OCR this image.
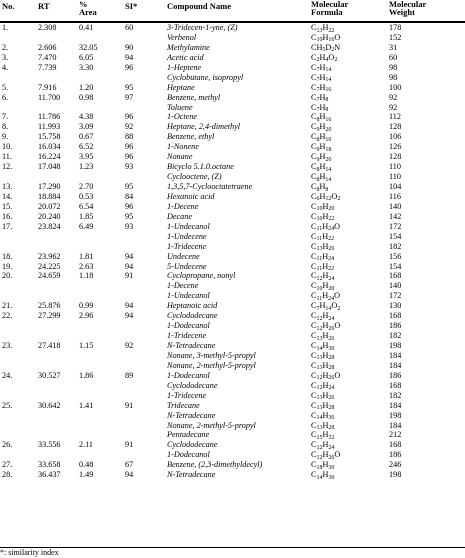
No.	RT	%
Area
SI*	Compound Name	Molecular
Formula
Molecular
Weight
1.	2.308	0.41	60	3-Tridecen-1-yne, (Z)	$C_{13}H_{22}$	178
Verbenol	$C_{10}H_{16}O$	152
2.	2.606	32.05	90	Methylamine	$CH_5D_2N$	31
3.	7.470	6.05	94	Acetic acid	$C_2H_4O_2$	60
4.	7.739	3.30	96	1-Heptene	$C_7H_{14}$	98
Cyclobutane, isopropyl	$C_7H_{14}$	98
5.	7.916	1.20	95	Heptane	$C_7H_{16}$	100
6.	11.700 0.98	97	Benzene, methyl	$C_7H_8$	92
Toluene	$C_7H_8$	92
7.	11.786 4.38	96	1-Octene	$C_8H_{16}$	112
8.	11.993 3.09	92	Heptane, 2,4-dimethyl	$C_9H_{20}$	128
9.	15.758 0.67	88	Benzene, ethyl	$C_8H_{10}$	106
10.	16.034 6.52	96	1-Nonene	$C_9H_{18}$	126
11.	16.224 3.95	96	Nonane	$C_9H_{20}$	128
12.	17.048 1.23	93	Bicyclo 5.1.0.octane	$C_8H_{14}$	110
Cyclooctene, (Z)	$C_8H_{14}$	110
13.	17.290 2.70	95	1,3,5,7-Cyclooctatetraene	$C_8H_8$	104
14.	18.884 0.53	84	Hexanoic acid	$C_6H_{12}O_2$	116
15.	20.072 6.54	96	1-Decene	$C_{10}H_{20}$	140
16.	20.240 1.85	95	Decane	$C_{10}H_{22}$	142
17.	23.824 6.49	93	1-Undecanol	$C_{11}H_{24}O$	172
1-Undecene	$C_{11}H_{22}$	154
1-Tridecene	$C_{13}H_{26}$	182
18.	23.962 1.81	94	Undecene	$C_{11}H_{24}$	156
19.	24.225 2.63	94	5-Undecene	$C_{11}H_{22}$	154
20.	24.659 1.18	91	Cyclopropane, nonyl	$C_{12}H_{24}$	168
1-Decene	$C_{10}H_{20}$	140
1-Undecanol	$C_{11}H_{24}O$	172
21.	25.876 0.99	94	Heptanoic acid	$C_7H_{14}O_2$	130
22.	27.299 2.96	94	Cyclododecane	$C_{12}H_{24}$	168
1-Dodecanol	$C_{12}H_{26}O$	186
1-Tridecene	$C_{13}H_{26}$	182
23.	27.418 1.15	92	N-Tetradecane	$C_{14}H_{30}$	198
Nonane, 3-methyl-5-propyl	$C_{13}H_{28}$	184
Nonane, 2-methyl-5-propyl	$C_{13}H_{28}$	184
24.	30.527 1.86	89	1-Dodecanol	$C_{12}H_{26}O$	186
Cyclododecane	$C_{12}H_{24}$	168
1-Tridecene	$C_{13}H_{26}$	182
25.	30.642 1.41	91	Tridecane	$C_{13}H_{28}$	184
N-Tetradecane	$C_{14}H_{30}$	198
Nonane, 2-methyl-5-propyl	$C_{13}H_{28}$	184
Pentadecane	$C_{15}H_{32}$	212
26.	33.556 2.11	91	Cyclododecane	$C_{12}H_{24}$	168
1-Dodecanol	$C_{12}H_{26}O$	186
27.	33.658 0.48	67	Benzene, (2,3-dimethyldecyl)	$C_{18}H_{30}$	246
28.	36.437 1.49	94	N-Tetradecane	$C_{14}H_{30}$	198
*: similarity index
